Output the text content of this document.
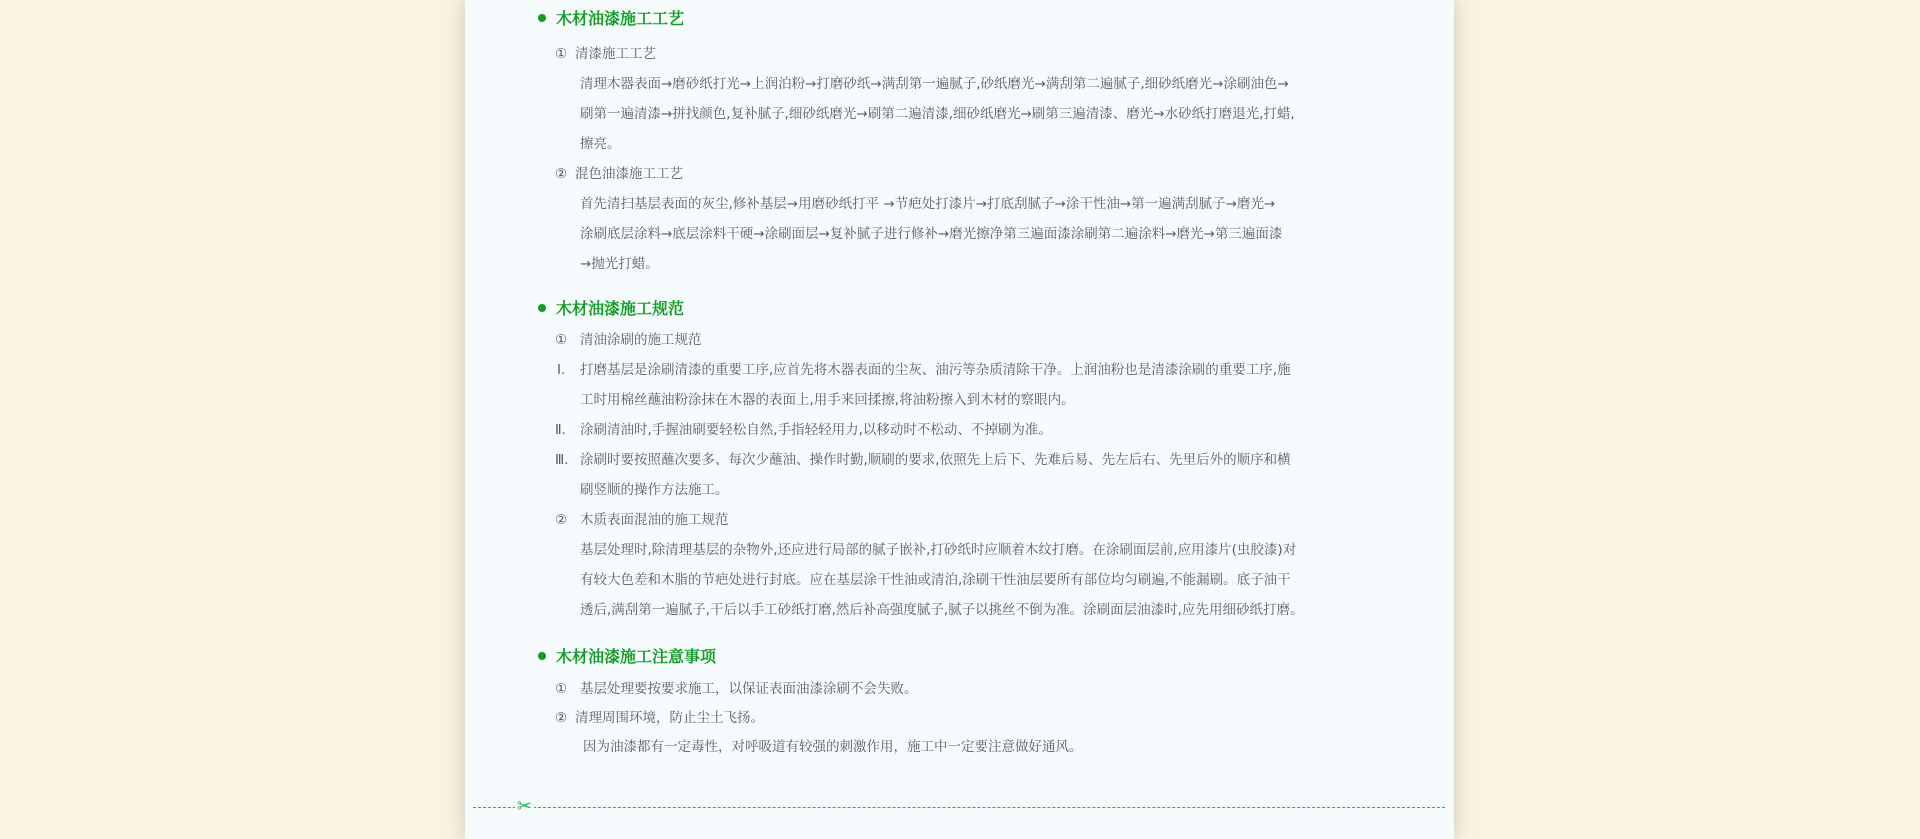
木材油漆施工工艺
① 清漆施工工艺
清理木器表面→磨砂纸打光→上润泊粉→打磨砂纸→满刮第一遍腻子,砂纸磨光→满刮第二遍腻子,细砂纸磨光→涂刷油色→
刷第一遍清漆→拼找颜色,复补腻子,细砂纸磨光→刷第二遍清漆,细砂纸磨光→刷第三遍清漆、磨光→水砂纸打磨退光,打蜡,
擦亮。
② 混色油漆施工工艺
首先清扫基层表面的灰尘,修补基层→用磨砂纸打平 →节疤处打漆片→打底刮腻子→涂干性油→第一遍满刮腻子→磨光→
涂刷底层涂料→底层涂料干硬→涂刷面层→复补腻子进行修补→磨光擦净第三遍面漆涂刷第二遍涂料→磨光→第三遍面漆
→抛光打蜡。
木材油漆施工规范
① 清油涂刷的施工规范
Ⅰ. 打磨基层是涂刷清漆的重要工序,应首先将木器表面的尘灰、油污等杂质清除干净。上润油粉也是清漆涂刷的重要工序,施
工时用棉丝蘸油粉涂抹在木器的表面上,用手来回揉擦,将油粉擦入到木材的察眼内。
Ⅱ. 涂刷清油时,手握油刷要轻松自然,手指轻轻用力,以移动时不松动、不掉刷为准。
Ⅲ. 涂刷时要按照蘸次要多、每次少蘸油、操作时勤,顺刷的要求,依照先上后下、先难后易、先左后右、先里后外的顺序和横
刷竖顺的操作方法施工。
② 木质表面混油的施工规范
基层处理时,除清理基层的杂物外,还应进行局部的腻子嵌补,打砂纸时应顺着木纹打磨。在涂刷面层前,应用漆片(虫胶漆)对
有较大色差和木脂的节疤处进行封底。应在基层涂干性油或清泊,涂刷干性油层要所有部位均匀刷遍,不能漏刷。底子油干
透后,满刮第一遍腻子,干后以手工砂纸打磨,然后补高强度腻子,腻子以挑丝不倒为准。涂刷面层油漆时,应先用细砂纸打磨。
木材油漆施工注意事项
① 基层处理要按要求施工，以保证表面油漆涂刷不会失败。
② 清理周围环境，防止尘土飞扬。
因为油漆都有一定毒性，对呼吸道有较强的刺激作用，施工中一定要注意做好通风。
✂
